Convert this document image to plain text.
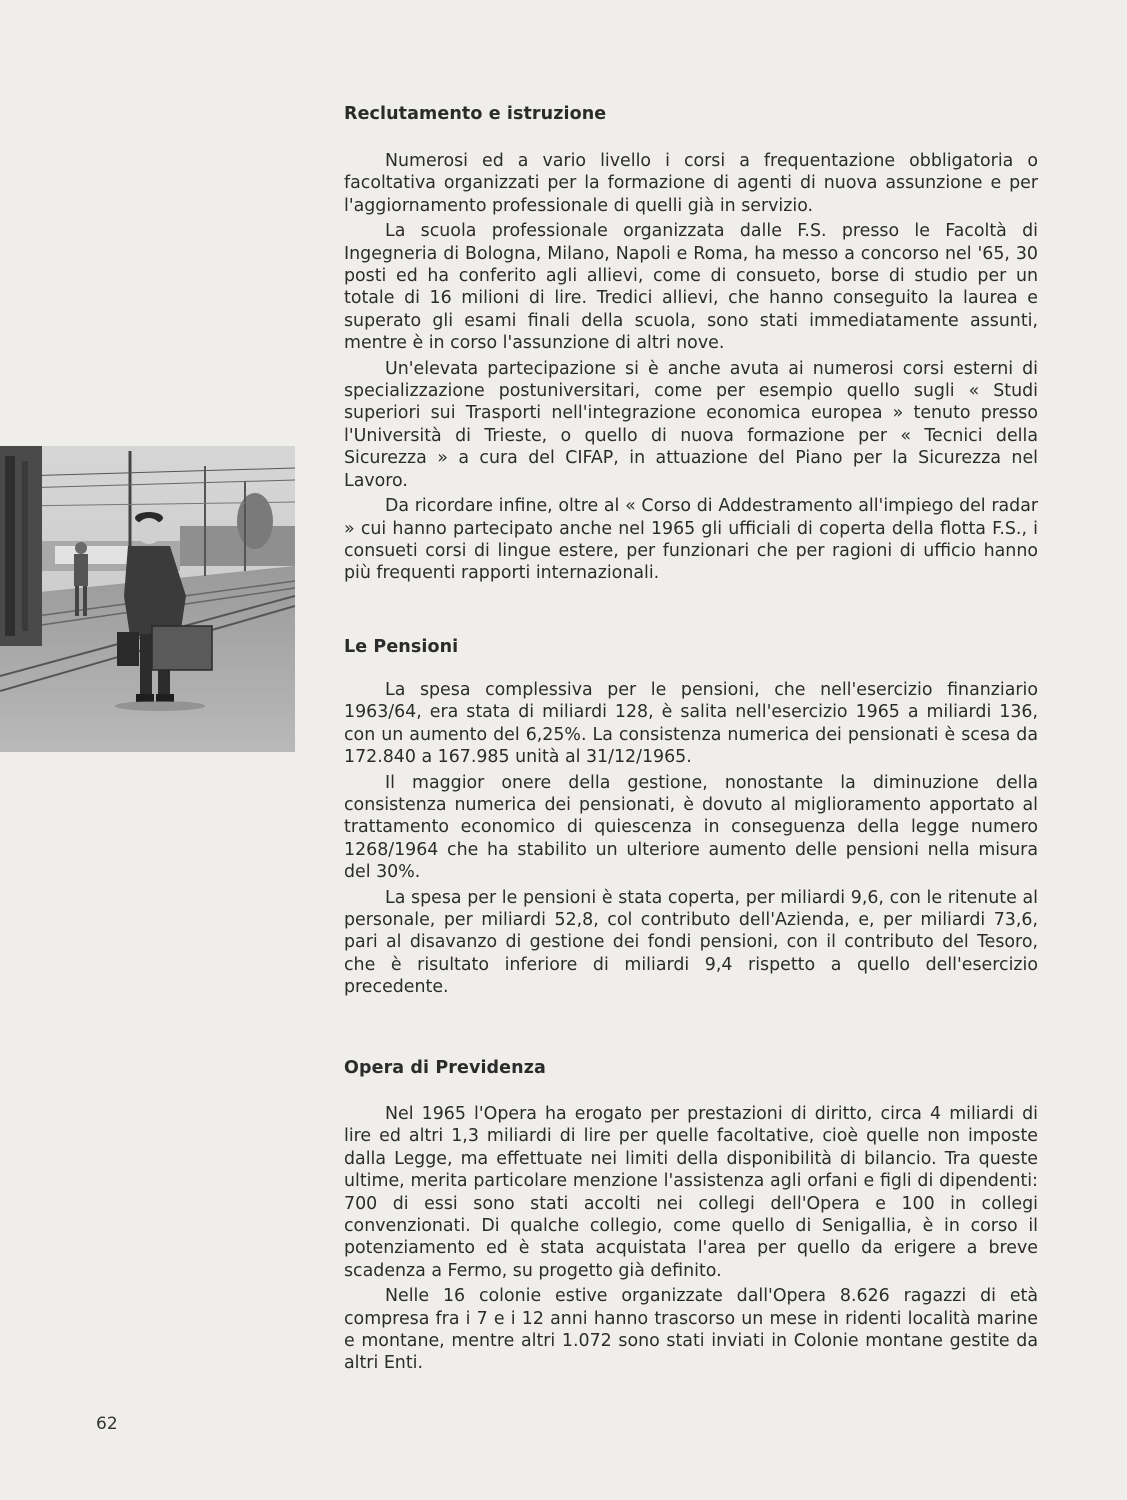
Reclutamento e istruzione

Numerosi ed a vario livello i corsi a frequentazione obbligatoria o facoltativa organizzati per la formazione di agenti di nuova assunzione e per l'aggiornamento professionale di quelli già in servizio.

La scuola professionale organizzata dalle F.S. presso le Facoltà di Ingegneria di Bologna, Milano, Napoli e Roma, ha messo a concorso nel '65, 30 posti ed ha conferito agli allievi, come di consueto, borse di studio per un totale di 16 milioni di lire. Tredici allievi, che hanno conseguito la laurea e superato gli esami finali della scuola, sono stati immediatamente assunti, mentre è in corso l'assunzione di altri nove.

Un'elevata partecipazione si è anche avuta ai numerosi corsi esterni di specializzazione postuniversitari, come per esempio quello sugli « Studi superiori sui Trasporti nell'integrazione economica europea » tenuto presso l'Università di Trieste, o quello di nuova formazione per « Tecnici della Sicurezza » a cura del CIFAP, in attuazione del Piano per la Sicurezza nel Lavoro.

Da ricordare infine, oltre al « Corso di Addestramento all'impiego del radar » cui hanno partecipato anche nel 1965 gli ufficiali di coperta della flotta F.S., i consueti corsi di lingue estere, per funzionari che per ragioni di ufficio hanno più frequenti rapporti internazionali.

Le Pensioni

La spesa complessiva per le pensioni, che nell'esercizio finanziario 1963/64, era stata di miliardi 128, è salita nell'esercizio 1965 a miliardi 136, con un aumento del 6,25%. La consistenza numerica dei pensionati è scesa da 172.840 a 167.985 unità al 31/12/1965.

Il maggior onere della gestione, nonostante la diminuzione della consistenza numerica dei pensionati, è dovuto al miglioramento apportato al trattamento economico di quiescenza in conseguenza della legge numero 1268/1964 che ha stabilito un ulteriore aumento delle pensioni nella misura del 30%.

La spesa per le pensioni è stata coperta, per miliardi 9,6, con le ritenute al personale, per miliardi 52,8, col contributo dell'Azienda, e, per miliardi 73,6, pari al disavanzo di gestione dei fondi pensioni, con il contributo del Tesoro, che è risultato inferiore di miliardi 9,4 rispetto a quello dell'esercizio precedente.

Opera di Previdenza

Nel 1965 l'Opera ha erogato per prestazioni di diritto, circa 4 miliardi di lire ed altri 1,3 miliardi di lire per quelle facoltative, cioè quelle non imposte dalla Legge, ma effettuate nei limiti della disponibilità di bilancio. Tra queste ultime, merita particolare menzione l'assistenza agli orfani e figli di dipendenti: 700 di essi sono stati accolti nei collegi dell'Opera e 100 in collegi convenzionati. Di qualche collegio, come quello di Senigallia, è in corso il potenziamento ed è stata acquistata l'area per quello da erigere a breve scadenza a Fermo, su progetto già definito.

Nelle 16 colonie estive organizzate dall'Opera 8.626 ragazzi di età compresa fra i 7 e i 12 anni hanno trascorso un mese in ridenti località marine e montane, mentre altri 1.072 sono stati inviati in Colonie montane gestite da altri Enti.

62
